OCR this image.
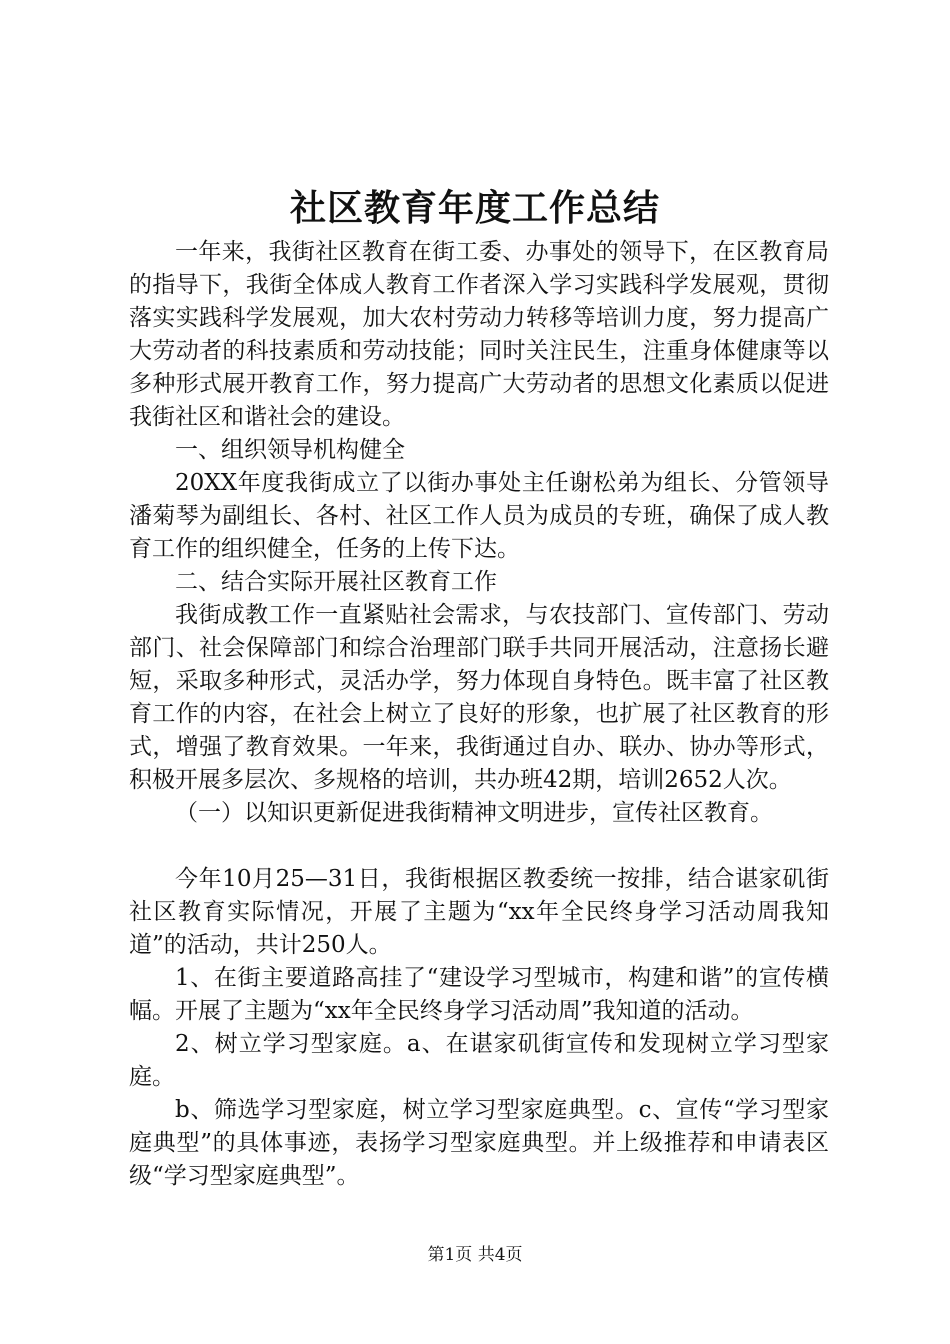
社区教育年度工作总结

一年来，我街社区教育在街工委、办事处的领导下，在区教育局的指导下，我街全体成人教育工作者深入学习实践科学发展观，贯彻落实实践科学发展观，加大农村劳动力转移等培训力度，努力提高广大劳动者的科技素质和劳动技能；同时关注民生，注重身体健康等以多种形式展开教育工作，努力提高广大劳动者的思想文化素质以促进我街社区和谐社会的建设。

一、组织领导机构健全

20XX年度我街成立了以街办事处主任谢松弟为组长、分管领导潘菊琴为副组长、各村、社区工作人员为成员的专班，确保了成人教育工作的组织健全，任务的上传下达。

二、结合实际开展社区教育工作

我街成教工作一直紧贴社会需求，与农技部门、宣传部门、劳动部门、社会保障部门和综合治理部门联手共同开展活动，注意扬长避短，采取多种形式，灵活办学，努力体现自身特色。既丰富了社区教育工作的内容，在社会上树立了良好的形象，也扩展了社区教育的形式，增强了教育效果。一年来，我街通过自办、联办、协办等形式，积极开展多层次、多规格的培训，共办班42期，培训2652人次。

（一）以知识更新促进我街精神文明进步，宣传社区教育。

今年10月25—31日，我街根据区教委统一按排，结合谌家矶街社区教育实际情况，开展了主题为“xx年全民终身学习活动周我知道”的活动，共计250人。

1、在街主要道路高挂了“建设学习型城市，构建和谐”的宣传横幅。开展了主题为“xx年全民终身学习活动周”我知道的活动。

2、树立学习型家庭。a、在谌家矶街宣传和发现树立学习型家庭。

b、筛选学习型家庭，树立学习型家庭典型。c、宣传“学习型家庭典型”的具体事迹，表扬学习型家庭典型。并上级推荐和申请表区级“学习型家庭典型”。

第1页 共4页
